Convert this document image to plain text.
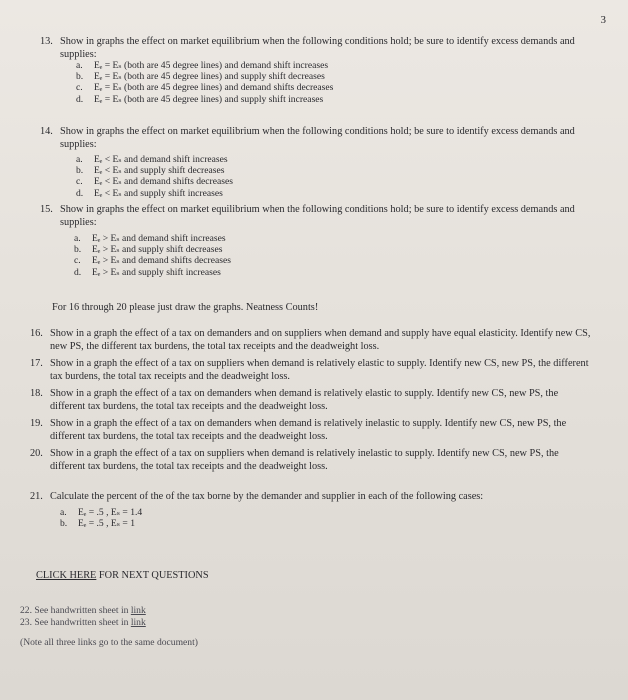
3
13. Show in graphs the effect on market equilibrium when the following conditions hold; be sure to identify excess demands and supplies:
a.	Eₑ = Eₛ (both are 45 degree lines) and demand shift increases
b.	Eₑ = Eₛ (both are 45 degree lines) and supply shift decreases
c.	Eₑ = Eₛ (both are 45 degree lines) and demand shifts decreases
d.	Eₑ = Eₛ (both are 45 degree lines) and supply shift increases
14. Show in graphs the effect on market equilibrium when the following conditions hold; be sure to identify excess demands and supplies:
a.	Eₑ < Eₛ and demand shift increases
b.	Eₑ < Eₛ and supply shift decreases
c.	Eₑ < Eₛ and demand shifts decreases
d.	Eₑ < Eₛ and supply shift increases
15. Show in graphs the effect on market equilibrium when the following conditions hold; be sure to identify excess demands and supplies:
a.	Eₑ > Eₛ and demand shift increases
b.	Eₑ > Eₛ and supply shift decreases
c.	Eₑ > Eₛ and demand shifts decreases
d.	Eₑ > Eₛ and supply shift increases
For 16 through 20 please just draw the graphs. Neatness Counts!
16. Show in a graph the effect of a tax on demanders and on suppliers when demand and supply have equal elasticity. Identify new CS, new PS, the different tax burdens, the total tax receipts and the deadweight loss.
17. Show in a graph the effect of a tax on suppliers when demand is relatively elastic to supply. Identify new CS, new PS, the different tax burdens, the total tax receipts and the deadweight loss.
18. Show in a graph the effect of a tax on demanders when demand is relatively elastic to supply. Identify new CS, new PS, the different tax burdens, the total tax receipts and the deadweight loss.
19. Show in a graph the effect of a tax on demanders when demand is relatively inelastic to supply. Identify new CS, new PS, the different tax burdens, the total tax receipts and the deadweight loss.
20. Show in a graph the effect of a tax on suppliers when demand is relatively inelastic to supply. Identify new CS, new PS, the different tax burdens, the total tax receipts and the deadweight loss.
21. Calculate the percent of the of the tax borne by the demander and supplier in each of the following cases:
a.	Eₑ = .5 , Eₛ = 1.4
b.	Eₑ = .5 , Eₛ = 1
CLICK HERE FOR NEXT QUESTIONS
22. See handwritten sheet in link
23. See handwritten sheet in link
(Note all three links go to the same document)
